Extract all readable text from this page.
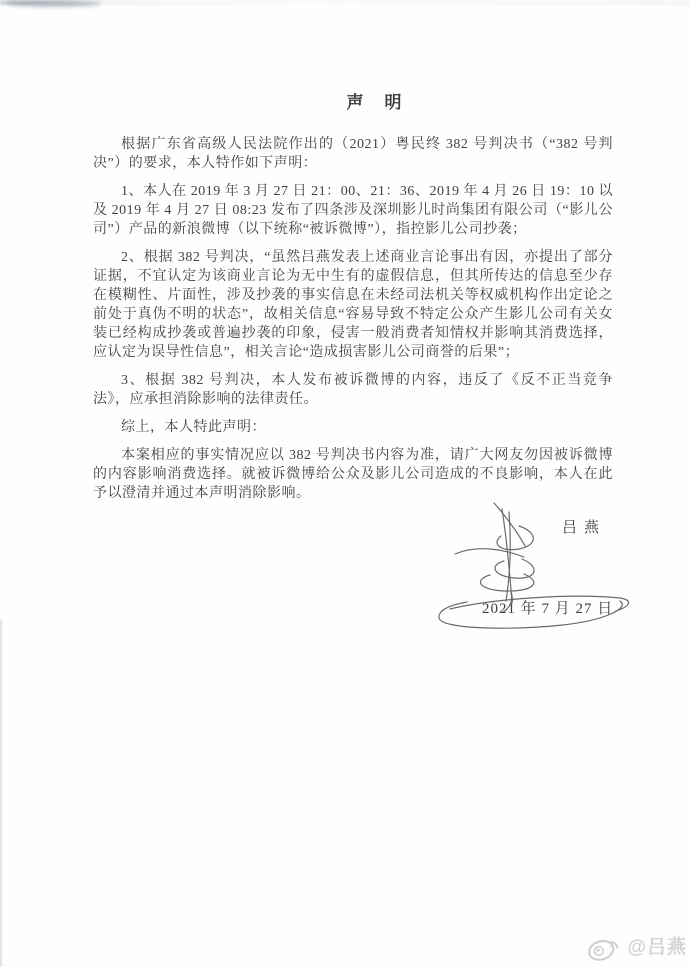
声　明

根据广东省高级人民法院作出的（2021）粤民终 382 号判决书（“382 号判决”）的要求，本人特作如下声明：

1、本人在 2019 年 3 月 27 日 21：00、21：36、2019 年 4 月 26 日 19：10 以及 2019 年 4 月 27 日 08:23 发布了四条涉及深圳影儿时尚集团有限公司（“影儿公司”）产品的新浪微博（以下统称“被诉微博”），指控影儿公司抄袭；

2、根据 382 号判决，“虽然吕燕发表上述商业言论事出有因，亦提出了部分证据，不宜认定为该商业言论为无中生有的虚假信息，但其所传达的信息至少存在模糊性、片面性，涉及抄袭的事实信息在未经司法机关等权威机构作出定论之前处于真伪不明的状态”，故相关信息“容易导致不特定公众产生影儿公司有关女装已经构成抄袭或普遍抄袭的印象，侵害一般消费者知情权并影响其消费选择，应认定为误导性信息”，相关言论“造成损害影儿公司商誉的后果”；

3、根据 382 号判决，本人发布被诉微博的内容，违反了《反不正当竞争法》，应承担消除影响的法律责任。

综上，本人特此声明：

本案相应的事实情况应以 382 号判决书内容为准，请广大网友勿因被诉微博的内容影响消费选择。就被诉微博给公众及影儿公司造成的不良影响，本人在此予以澄清并通过本声明消除影响。

吕燕
2021 年 7 月 27 日
@吕燕
